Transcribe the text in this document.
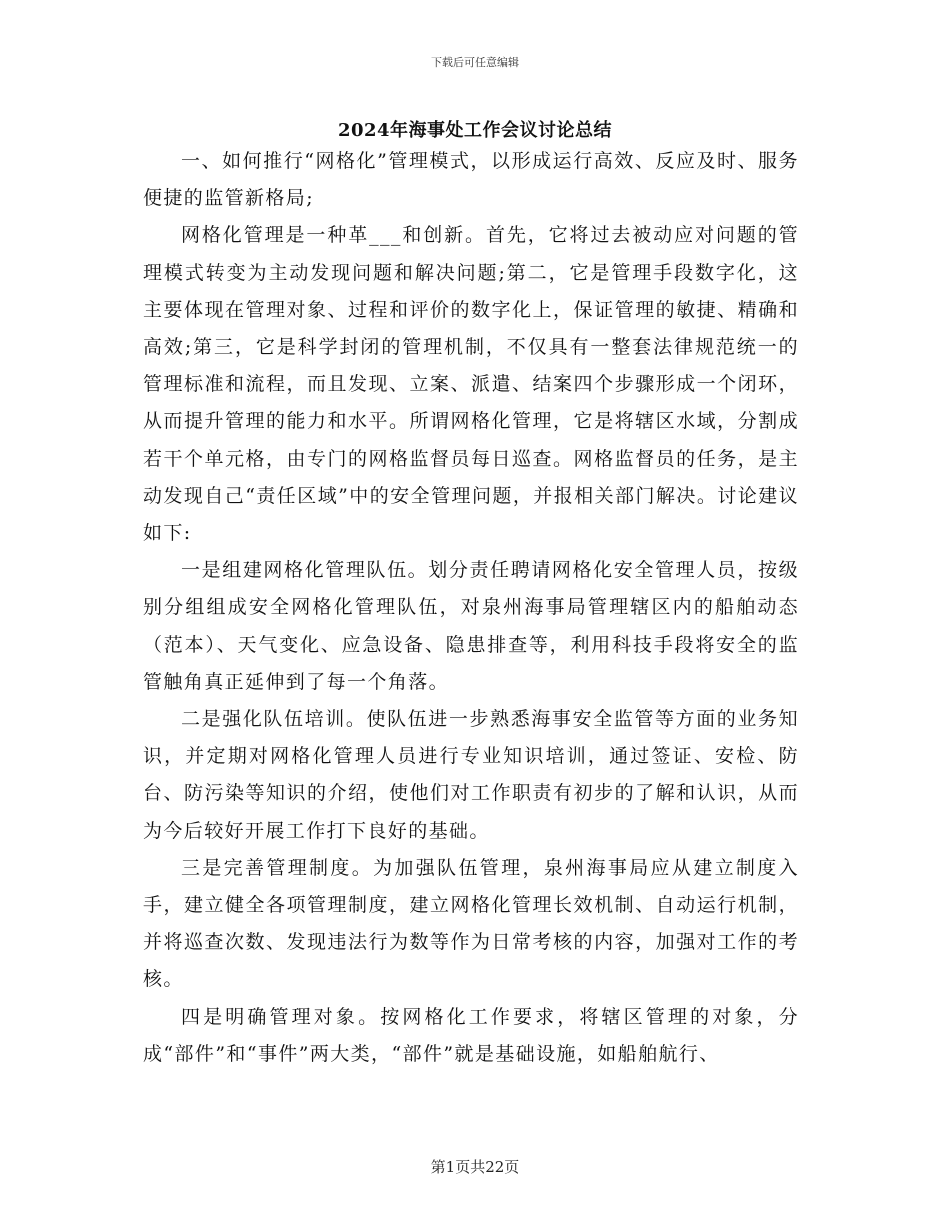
下载后可任意编辑
2024年海事处工作会议讨论总结

一、如何推行“网格化”管理模式，以形成运行高效、反应及时、服务便捷的监管新格局;

网格化管理是一种革___和创新。首先，它将过去被动应对问题的管理模式转变为主动发现问题和解决问题;第二，它是管理手段数字化，这主要体现在管理对象、过程和评价的数字化上，保证管理的敏捷、精确和高效;第三，它是科学封闭的管理机制，不仅具有一整套法律规范统一的管理标准和流程，而且发现、立案、派遣、结案四个步骤形成一个闭环，从而提升管理的能力和水平。所谓网格化管理，它是将辖区水域，分割成若干个单元格，由专门的网格监督员每日巡查。网格监督员的任务，是主动发现自己“责任区域”中的安全管理问题，并报相关部门解决。讨论建议如下:

一是组建网格化管理队伍。划分责任聘请网格化安全管理人员，按级别分组组成安全网格化管理队伍，对泉州海事局管理辖区内的船舶动态（范本）、天气变化、应急设备、隐患排查等，利用科技手段将安全的监管触角真正延伸到了每一个角落。

二是强化队伍培训。使队伍进一步熟悉海事安全监管等方面的业务知识，并定期对网格化管理人员进行专业知识培训，通过签证、安检、防台、防污染等知识的介绍，使他们对工作职责有初步的了解和认识，从而为今后较好开展工作打下良好的基础。

三是完善管理制度。为加强队伍管理，泉州海事局应从建立制度入手，建立健全各项管理制度，建立网格化管理长效机制、自动运行机制，并将巡查次数、发现违法行为数等作为日常考核的内容，加强对工作的考核。

四是明确管理对象。按网格化工作要求，将辖区管理的对象，分成“部件”和“事件”两大类，“部件”就是基础设施，如船舶航行、

第1页共22页
